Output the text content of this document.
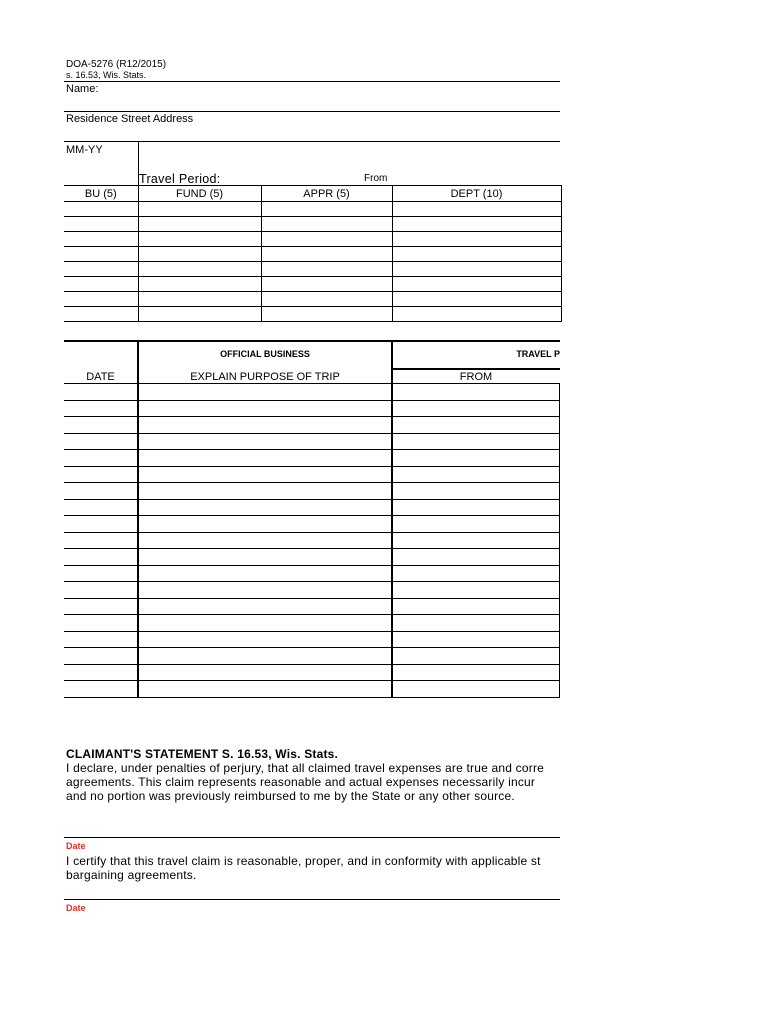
DOA-5276 (R12/2015)
s. 16.53, Wis. Stats.
Name:
Residence Street Address
MM-YY
Travel Period:	From
BU (5)	FUND (5)	APPR (5)	DEPT (10)

OFFICIAL BUSINESS	TRAVEL P
DATE	EXPLAIN PURPOSE OF TRIP	FROM
CLAIMANT'S STATEMENT S. 16.53, Wis. Stats.
I declare, under penalties of perjury, that all claimed travel expenses are true and corre
agreements. This claim represents reasonable and actual expenses necessarily incur
and no portion was previously reimbursed to me by the State or any other source.
Date
I certify that this travel claim is reasonable, proper, and in conformity with applicable st
bargaining agreements.
Date
